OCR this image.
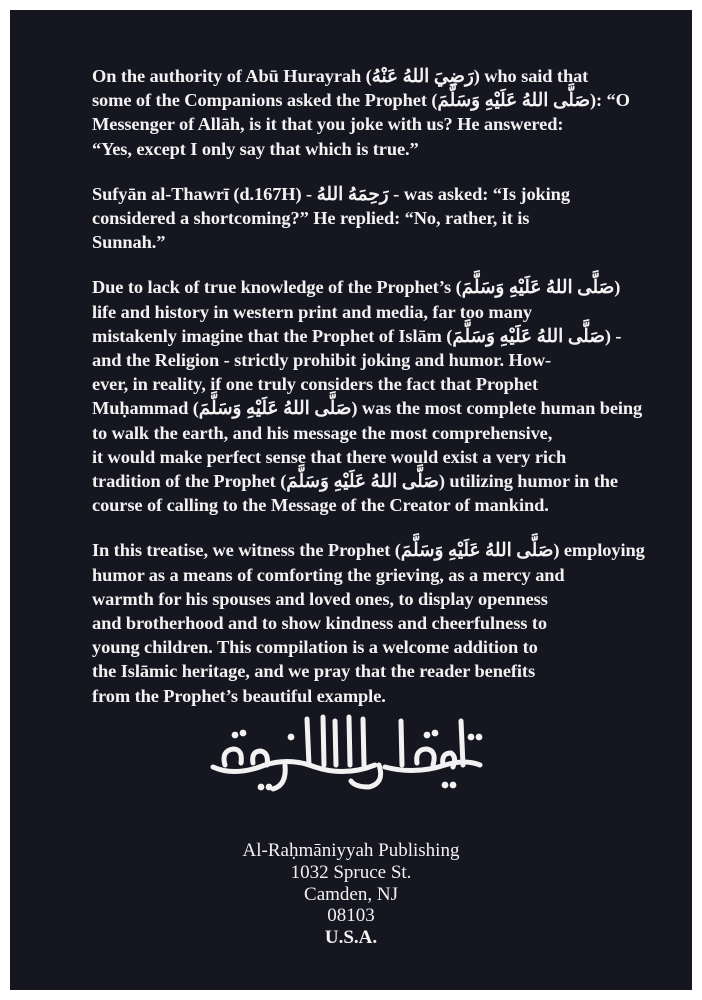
On the authority of Abū Hurayrah (رَضِيَ اللهُ عَنْهُ) who said that
some of the Companions asked the Prophet (صَلَّى اللهُ عَلَيْهِ وَسَلَّمَ): “O
Messenger of Allāh, is it that you joke with us? He answered:
“Yes, except I only say that which is true.”

Sufyān al-Thawrī (d.167H) - رَحِمَهُ اللهُ - was asked: “Is joking
considered a shortcoming?” He replied: “No, rather, it is
Sunnah.”

Due to lack of true knowledge of the Prophet’s (صَلَّى اللهُ عَلَيْهِ وَسَلَّمَ)
life and history in western print and media, far too many
mistakenly imagine that the Prophet of Islām (صَلَّى اللهُ عَلَيْهِ وَسَلَّمَ) -
and the Religion - strictly prohibit joking and humor. How-
ever, in reality, if one truly considers the fact that Prophet
Muḥammad (صَلَّى اللهُ عَلَيْهِ وَسَلَّمَ) was the most complete human being
to walk the earth, and his message the most comprehensive,
it would make perfect sense that there would exist a very rich
tradition of the Prophet (صَلَّى اللهُ عَلَيْهِ وَسَلَّمَ) utilizing humor in the
course of calling to the Message of the Creator of mankind.

In this treatise, we witness the Prophet (صَلَّى اللهُ عَلَيْهِ وَسَلَّمَ) employing
humor as a means of comforting the grieving, as a mercy and
warmth for his spouses and loved ones, to display openness
and brotherhood and to show kindness and cheerfulness to
young children. This compilation is a welcome addition to
the Islāmic heritage, and we pray that the reader benefits
from the Prophet’s beautiful example.

Al-Raḥmāniyyah Publishing
1032 Spruce St.
Camden, NJ
08103
U.S.A.
